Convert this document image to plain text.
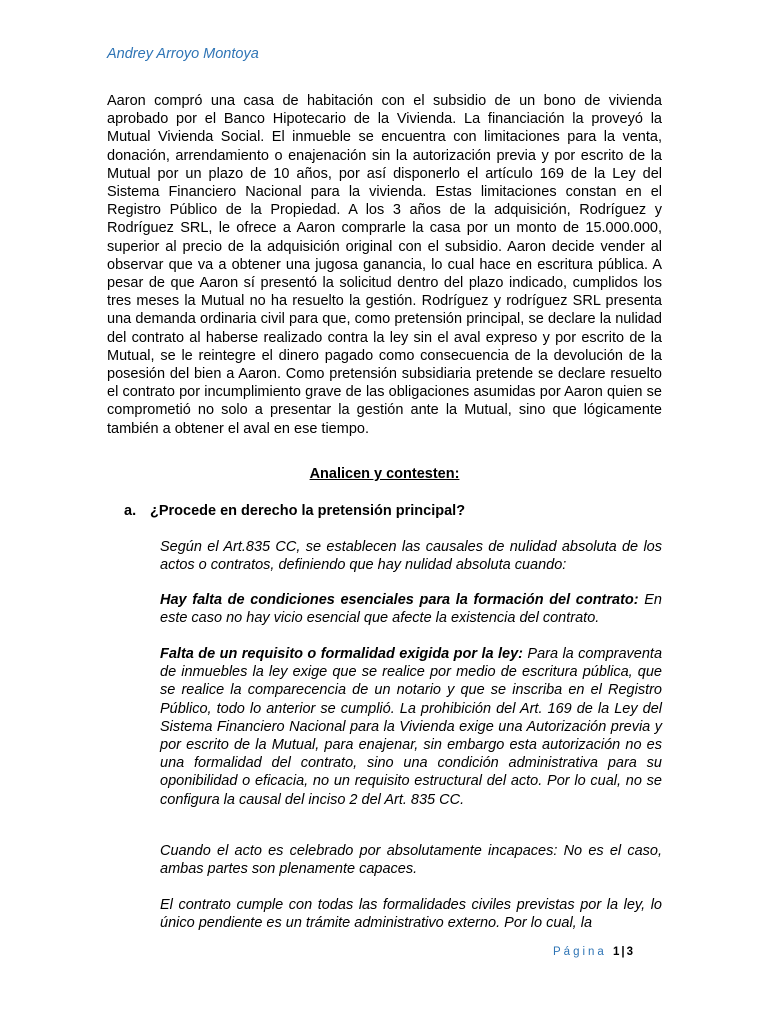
Andrey Arroyo Montoya

Aaron compró una casa de habitación con el subsidio de un bono de vivienda aprobado por el Banco Hipotecario de la Vivienda. La financiación la proveyó la Mutual Vivienda Social. El inmueble se encuentra con limitaciones para la venta, donación, arrendamiento o enajenación sin la autorización previa y por escrito de la Mutual por un plazo de 10 años, por así disponerlo el artículo 169 de la Ley del Sistema Financiero Nacional para la vivienda. Estas limitaciones constan en el Registro Público de la Propiedad. A los 3 años de la adquisición, Rodríguez y Rodríguez SRL, le ofrece a Aaron comprarle la casa por un monto de 15.000.000, superior al precio de la adquisición original con el subsidio. Aaron decide vender al observar que va a obtener una jugosa ganancia, lo cual hace en escritura pública. A pesar de que Aaron sí presentó la solicitud dentro del plazo indicado, cumplidos los tres meses la Mutual no ha resuelto la gestión. Rodríguez y rodríguez SRL presenta una demanda ordinaria civil para que, como pretensión principal, se declare la nulidad del contrato al haberse realizado contra la ley sin el aval expreso y por escrito de la Mutual, se le reintegre el dinero pagado como consecuencia de la devolución de la posesión del bien a Aaron. Como pretensión subsidiaria pretende se declare resuelto el contrato por incumplimiento grave de las obligaciones asumidas por Aaron quien se comprometió no solo a presentar la gestión ante la Mutual, sino que lógicamente también a obtener el aval en ese tiempo.

Analicen y contesten:
a. ¿Procede en derecho la pretensión principal?

Según el Art.835 CC, se establecen las causales de nulidad absoluta de los actos o contratos, definiendo que hay nulidad absoluta cuando:

Hay falta de condiciones esenciales para la formación del contrato: En este caso no hay vicio esencial que afecte la existencia del contrato.

Falta de un requisito o formalidad exigida por la ley: Para la compraventa de inmuebles la ley exige que se realice por medio de escritura pública, que se realice la comparecencia de un notario y que se inscriba en el Registro Público, todo lo anterior se cumplió. La prohibición del Art. 169 de la Ley del Sistema Financiero Nacional para la Vivienda exige una Autorización previa y por escrito de la Mutual, para enajenar, sin embargo esta autorización no es una formalidad del contrato, sino una condición administrativa para su oponibilidad o eficacia, no un requisito estructural del acto. Por lo cual, no se configura la causal del inciso 2 del Art. 835 CC.

Cuando el acto es celebrado por absolutamente incapaces: No es el caso, ambas partes son plenamente capaces.

El contrato cumple con todas las formalidades civiles previstas por la ley, lo único pendiente es un trámite administrativo externo. Por lo cual, la

Página 1 | 3
